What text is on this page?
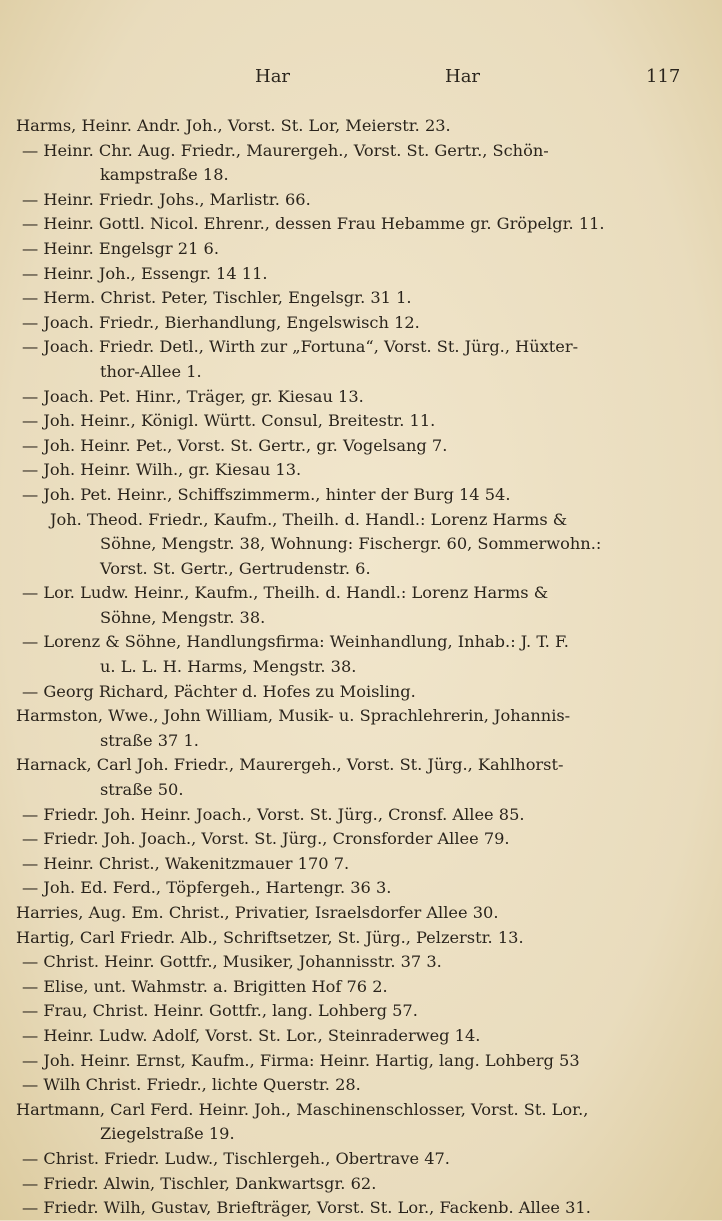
Har	Har	117
Harms, Heinr. Andr. Joh., Vorst. St. Lor, Meierstr. 23.
— Heinr. Chr. Aug. Friedr., Maurergeh., Vorst. St. Gertr., Schön-
kampstraße 18.
— Heinr. Friedr. Johs., Marlistr. 66.
— Heinr. Gottl. Nicol. Ehrenr., dessen Frau Hebamme gr. Gröpelgr. 11.
— Heinr. Engelsgr 21 6.
— Heinr. Joh., Essengr. 14 11.
— Herm. Christ. Peter, Tischler, Engelsgr. 31 1.
— Joach. Friedr., Bierhandlung, Engelswisch 12.
— Joach. Friedr. Detl., Wirth zur „Fortuna“, Vorst. St. Jürg., Hüxter-
thor-Allee 1.
— Joach. Pet. Hinr., Träger, gr. Kiesau 13.
— Joh. Heinr., Königl. Württ. Consul, Breitestr. 11.
— Joh. Heinr. Pet., Vorst. St. Gertr., gr. Vogelsang 7.
— Joh. Heinr. Wilh., gr. Kiesau 13.
— Joh. Pet. Heinr., Schiffszimmerm., hinter der Burg 14 54.
Joh. Theod. Friedr., Kaufm., Theilh. d. Handl.: Lorenz Harms &
Söhne, Mengstr. 38, Wohnung: Fischergr. 60, Sommerwohn.:
Vorst. St. Gertr., Gertrudenstr. 6.
— Lor. Ludw. Heinr., Kaufm., Theilh. d. Handl.: Lorenz Harms &
Söhne, Mengstr. 38.
— Lorenz & Söhne, Handlungsfirma: Weinhandlung, Inhab.: J. T. F.
u. L. L. H. Harms, Mengstr. 38.
— Georg Richard, Pächter d. Hofes zu Moisling.
Harmston, Wwe., John William, Musik- u. Sprachlehrerin, Johannis-
straße 37 1.
Harnack, Carl Joh. Friedr., Maurergeh., Vorst. St. Jürg., Kahlhorst-
straße 50.
— Friedr. Joh. Heinr. Joach., Vorst. St. Jürg., Cronsf. Allee 85.
— Friedr. Joh. Joach., Vorst. St. Jürg., Cronsforder Allee 79.
— Heinr. Christ., Wakenitzmauer 170 7.
— Joh. Ed. Ferd., Töpfergeh., Hartengr. 36 3.
Harries, Aug. Em. Christ., Privatier, Israelsdorfer Allee 30.
Hartig, Carl Friedr. Alb., Schriftsetzer, St. Jürg., Pelzerstr. 13.
— Christ. Heinr. Gottfr., Musiker, Johannisstr. 37 3.
— Elise, unt. Wahmstr. a. Brigitten Hof 76 2.
— Frau, Christ. Heinr. Gottfr., lang. Lohberg 57.
— Heinr. Ludw. Adolf, Vorst. St. Lor., Steinraderweg 14.
— Joh. Heinr. Ernst, Kaufm., Firma: Heinr. Hartig, lang. Lohberg 53
— Wilh Christ. Friedr., lichte Querstr. 28.
Hartmann, Carl Ferd. Heinr. Joh., Maschinenschlosser, Vorst. St. Lor.,
Ziegelstraße 19.
— Christ. Friedr. Ludw., Tischlergeh., Obertrave 47.
— Friedr. Alwin, Tischler, Dankwartsgr. 62.
— Friedr. Wilh, Gustav, Briefträger, Vorst. St. Lor., Fackenb. Allee 31.
